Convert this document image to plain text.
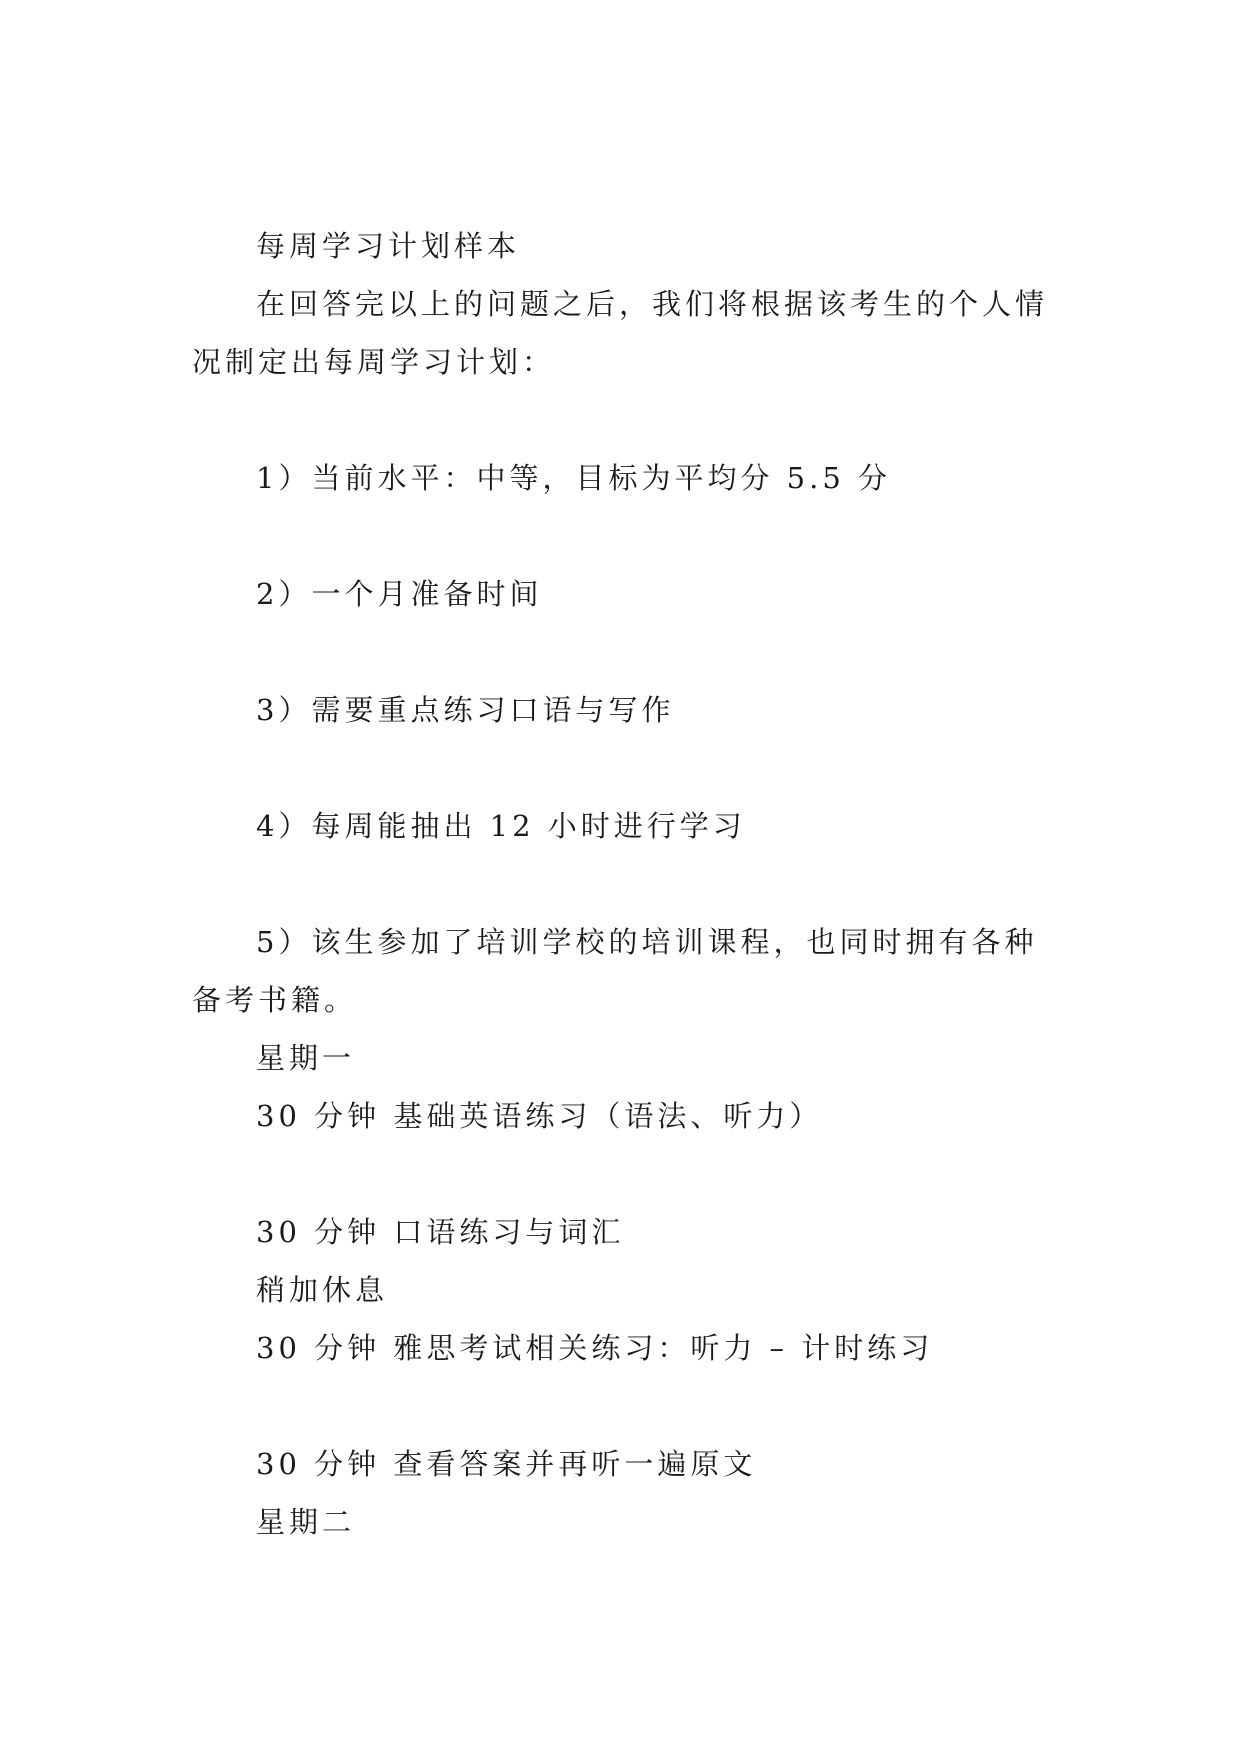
每周学习计划样本
在回答完以上的问题之后，我们将根据该考生的个人情
况制定出每周学习计划：
1）当前水平：中等，目标为平均分 5.5 分
2）一个月准备时间
3）需要重点练习口语与写作
4）每周能抽出 12 小时进行学习
5）该生参加了培训学校的培训课程，也同时拥有各种
备考书籍。
星期一
30 分钟 基础英语练习（语法、听力）
30 分钟 口语练习与词汇
稍加休息
30 分钟 雅思考试相关练习：听力 – 计时练习
30 分钟 查看答案并再听一遍原文
星期二
